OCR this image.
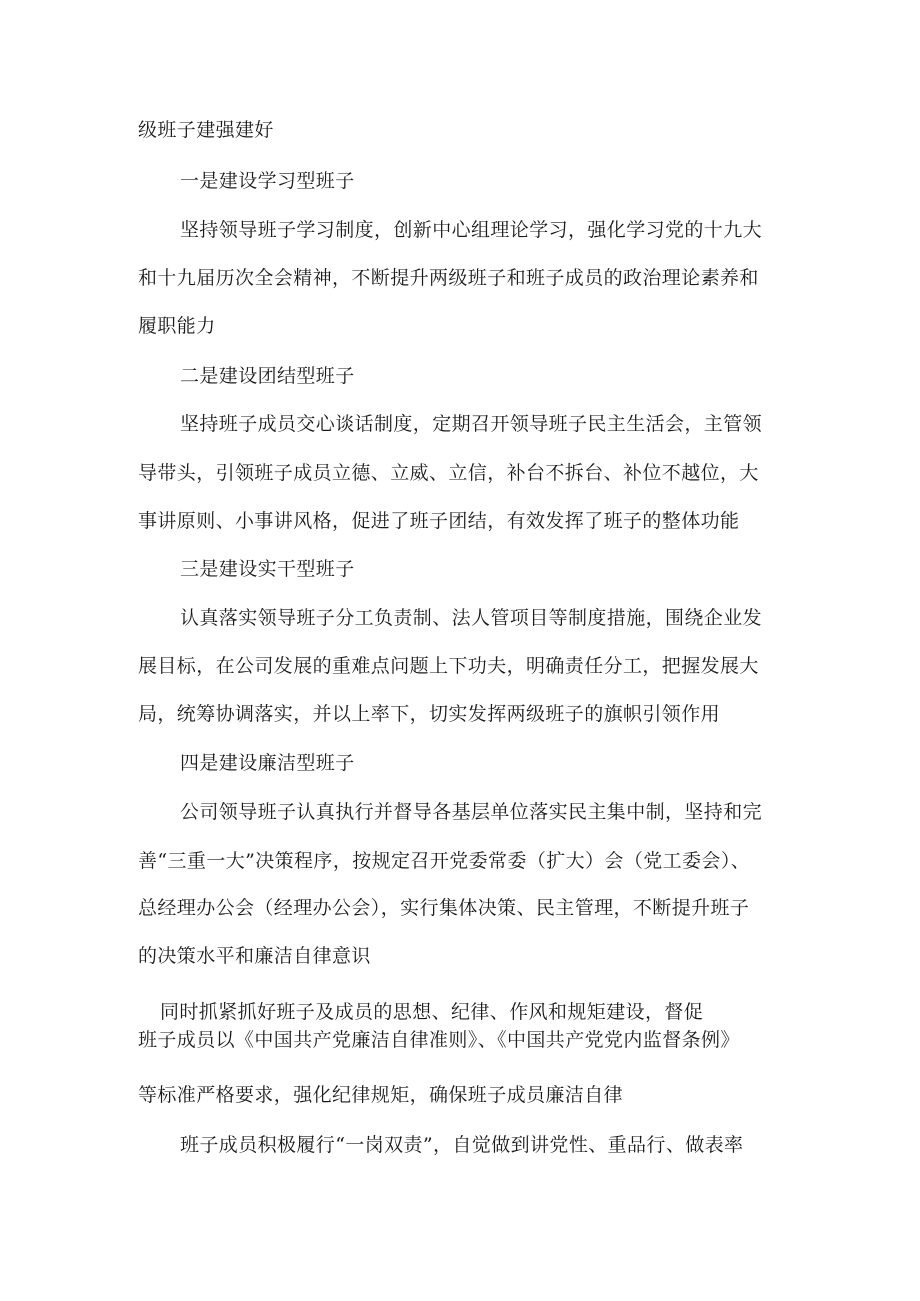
级班子建强建好
一是建设学习型班子
坚持领导班子学习制度，创新中心组理论学习，强化学习党的十九大
和十九届历次全会精神，不断提升两级班子和班子成员的政治理论素养和
履职能力
二是建设团结型班子
坚持班子成员交心谈话制度，定期召开领导班子民主生活会，主管领
导带头，引领班子成员立德、立威、立信，补台不拆台、补位不越位，大
事讲原则、小事讲风格，促进了班子团结，有效发挥了班子的整体功能
三是建设实干型班子
认真落实领导班子分工负责制、法人管项目等制度措施，围绕企业发
展目标，在公司发展的重难点问题上下功夫，明确责任分工，把握发展大
局，统筹协调落实，并以上率下，切实发挥两级班子的旗帜引领作用
四是建设廉洁型班子
公司领导班子认真执行并督导各基层单位落实民主集中制，坚持和完
善“三重一大”决策程序，按规定召开党委常委（扩大）会（党工委会）、
总经理办公会（经理办公会），实行集体决策、民主管理，不断提升班子
的决策水平和廉洁自律意识
同时抓紧抓好班子及成员的思想、纪律、作风和规矩建设，督促
班子成员以《中国共产党廉洁自律准则》、《中国共产党党内监督条例》
等标准严格要求，强化纪律规矩，确保班子成员廉洁自律
班子成员积极履行“一岗双责”，自觉做到讲党性、重品行、做表率
